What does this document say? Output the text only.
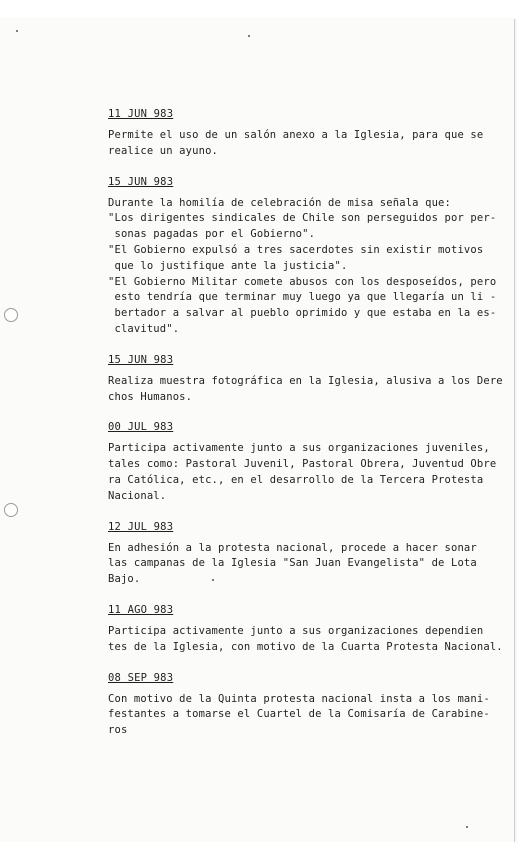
11 JUN 983
Permite el uso de un salón anexo a la Iglesia, para que se
realice un ayuno.
15 JUN 983
Durante la homilía de celebración de misa señala que:
"Los dirigentes sindicales de Chile son perseguidos por per-
sonas pagadas por el Gobierno".
"El Gobierno expulsó a tres sacerdotes sin existir motivos
que lo justifique ante la justicia".
"El Gobierno Militar comete abusos con los desposeídos, pero
esto tendría que terminar muy luego ya que llegaría un li -
bertador a salvar al pueblo oprimido y que estaba en la es-
clavitud".
15 JUN 983
Realiza muestra fotográfica en la Iglesia, alusiva a los Dere
chos Humanos.
00 JUL 983
Participa activamente junto a sus organizaciones juveniles,
tales como: Pastoral Juvenil, Pastoral Obrera, Juventud Obre
ra Católica, etc., en el desarrollo de la Tercera Protesta
Nacional.
12 JUL 983
En adhesión a la protesta nacional, procede a hacer sonar
las campanas de la Iglesia "San Juan Evangelista" de Lota
Bajo.
11 AGO 983
Participa activamente junto a sus organizaciones dependien
tes de la Iglesia, con motivo de la Cuarta Protesta Nacional.
08 SEP 983
Con motivo de la Quinta protesta nacional insta a los mani-
festantes a tomarse el Cuartel de la Comisaría de Carabine-
ros
